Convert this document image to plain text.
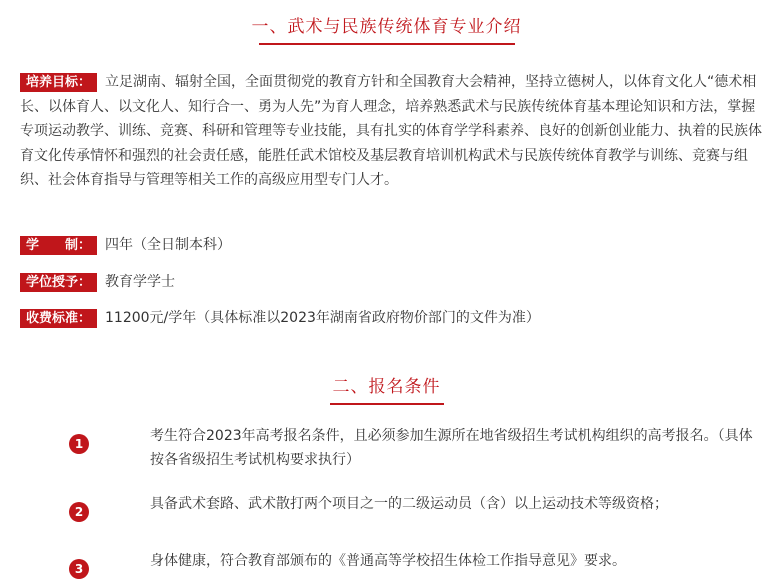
一、武术与民族传统体育专业介绍
培养目标： 立足湖南、辐射全国，全面贯彻党的教育方针和全国教育大会精神，坚持立德树人，以体育文化人“德术相长、以体育人、以文化人、知行合一、勇为人先”为育人理念，培养熟悉武术与民族传统体育基本理论知识和方法，掌握专项运动教学、训练、竞赛、科研和管理等专业技能，具有扎实的体育学学科素养、良好的创新创业能力、执着的民族体育文化传承情怀和强烈的社会责任感，能胜任武术馆校及基层教育培训机构武术与民族传统体育教学与训练、竞赛与组织、社会体育指导与管理等相关工作的高级应用型专门人才。
学　　制： 四年（全日制本科）
学位授予： 教育学学士
收费标准： 11200元/学年（具体标准以2023年湖南省政府物价部门的文件为准）
二、报名条件
1	考生符合2023年高考报名条件，且必须参加生源所在地省级招生考试机构组织的高考报名。（具体按各省级招生考试机构要求执行）
2	具备武术套路、武术散打两个项目之一的二级运动员（含）以上运动技术等级资格；
3	身体健康，符合教育部颁布的《普通高等学校招生体检工作指导意见》要求。
